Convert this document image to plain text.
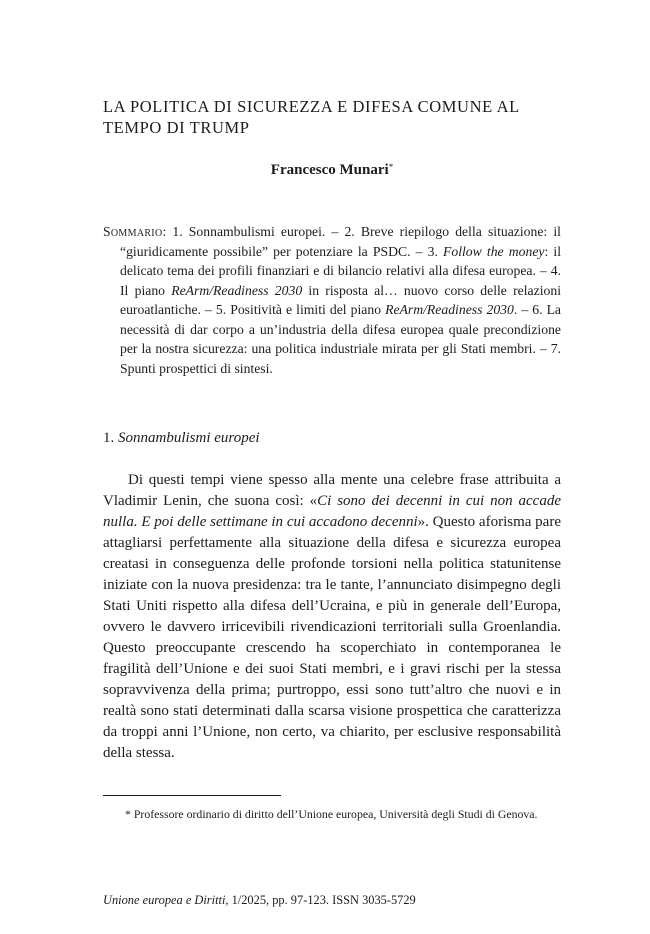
LA POLITICA DI SICUREZZA E DIFESA COMUNE AL TEMPO DI TRUMP

Francesco Munari*

Sommario: 1. Sonnambulismi europei. – 2. Breve riepilogo della situazione: il “giuridicamente possibile” per potenziare la PSDC. – 3. Follow the money: il delicato tema dei profili finanziari e di bilancio relativi alla difesa europea. – 4. Il piano ReArm/Readiness 2030 in risposta al… nuovo corso delle relazioni euroatlantiche. – 5. Positività e limiti del piano ReArm/Readiness 2030. – 6. La necessità di dar corpo a un’industria della difesa europea quale precondizione per la nostra sicurezza: una politica industriale mirata per gli Stati membri. – 7. Spunti prospettici di sintesi.

1. Sonnambulismi europei

Di questi tempi viene spesso alla mente una celebre frase attribuita a Vladimir Lenin, che suona così: «Ci sono dei decenni in cui non accade nulla. E poi delle settimane in cui accadono decenni». Questo aforisma pare attagliarsi perfettamente alla situazione della difesa e sicurezza europea creatasi in conseguenza delle profonde torsioni nella politica statunitense iniziate con la nuova presidenza: tra le tante, l’annunciato disimpegno degli Stati Uniti rispetto alla difesa dell’Ucraina, e più in generale dell’Europa, ovvero le davvero irricevibili rivendicazioni territoriali sulla Groenlandia. Questo preoccupante crescendo ha scoperchiato in contemporanea le fragilità dell’Unione e dei suoi Stati membri, e i gravi rischi per la stessa sopravvivenza della prima; purtroppo, essi sono tutt’altro che nuovi e in realtà sono stati determinati dalla scarsa visione prospettica che caratterizza da troppi anni l’Unione, non certo, va chiarito, per esclusive responsabilità della stessa.

* Professore ordinario di diritto dell’Unione europea, Università degli Studi di Genova.

Unione europea e Diritti, 1/2025, pp. 97-123. ISSN 3035-5729
